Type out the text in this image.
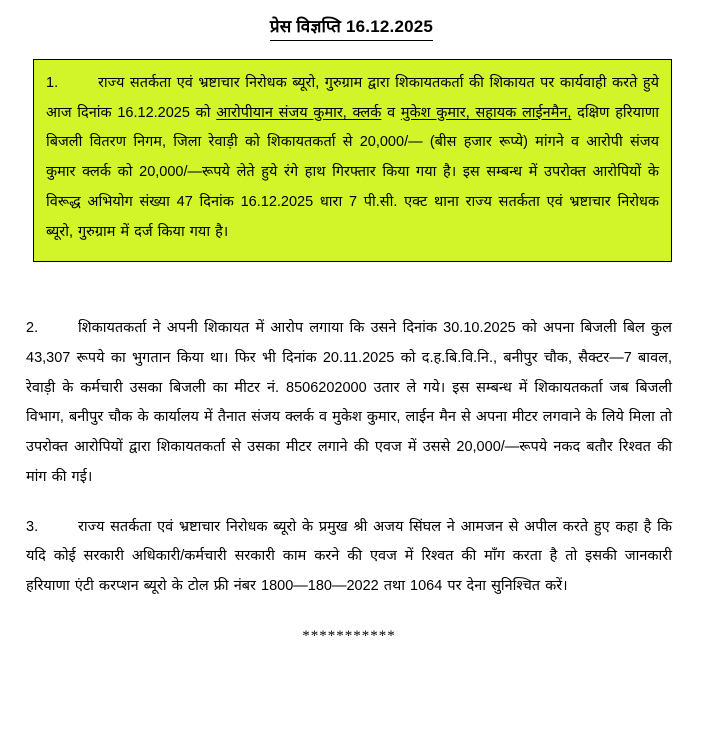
प्रेस विज्ञप्ति 16.12.2025

1.	राज्य सतर्कता एवं भ्रष्टाचार निरोधक ब्यूरो, गुरुग्राम द्वारा शिकायतकर्ता की शिकायत पर कार्यवाही करते हुये आज दिनांक 16.12.2025 को आरोपीयान संजय कुमार, क्लर्क व मुकेश कुमार, सहायक लाईनमैन, दक्षिण हरियाणा बिजली वितरण निगम, जिला रेवाड़ी को शिकायतकर्ता से 20,000/— (बीस हजार रूप्ये) मांगने व आरोपी संजय कुमार क्लर्क को 20,000/—रूपये लेते हुये रंगे हाथ गिरफ्तार किया गया है। इस सम्बन्ध में उपरोक्त आरोपियों के विरूद्ध अभियोग संख्या 47 दिनांक 16.12.2025 धारा 7 पी.सी. एक्ट थाना राज्य सतर्कता एवं भ्रष्टाचार निरोधक ब्यूरो, गुरुग्राम में दर्ज किया गया है।

2.	शिकायतकर्ता ने अपनी शिकायत में आरोप लगाया कि उसने दिनांक 30.10.2025 को अपना बिजली बिल कुल 43,307 रूपये का भुगतान किया था। फिर भी दिनांक 20.11.2025 को द.ह.बि.वि.नि., बनीपुर चौक, सैक्टर—7 बावल, रेवाड़ी के कर्मचारी उसका बिजली का मीटर नं. 8506202000 उतार ले गये। इस सम्बन्ध में शिकायतकर्ता जब बिजली विभाग, बनीपुर चौक के कार्यालय में तैनात संजय क्लर्क व मुकेश कुमार, लाईन मैन से अपना मीटर लगवाने के लिये मिला तो उपरोक्त आरोपियों द्वारा शिकायतकर्ता से उसका मीटर लगाने की एवज में उससे 20,000/—रूपये नकद बतौर रिश्वत की मांग की गई।

3.	राज्य सतर्कता एवं भ्रष्टाचार निरोधक ब्यूरो के प्रमुख श्री अजय सिंघल ने आमजन से अपील करते हुए कहा है कि यदि कोई सरकारी अधिकारी/कर्मचारी सरकारी काम करने की एवज में रिश्वत की माँग करता है तो इसकी जानकारी हरियाणा एंटी करप्शन ब्यूरो के टोल फ्री नंबर 1800—180—2022 तथा 1064 पर देना सुनिश्चित करें।

***********
